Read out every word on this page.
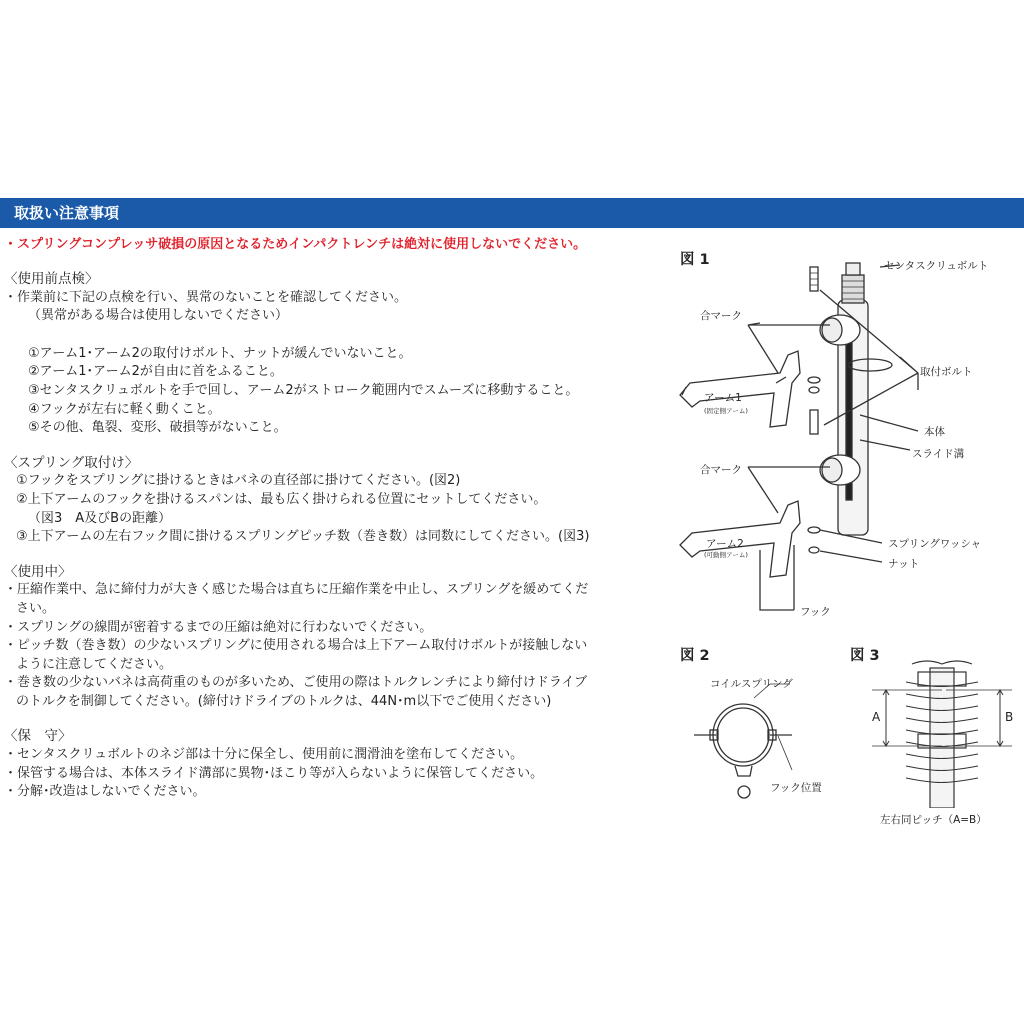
取扱い注意事項
・スプリングコンプレッサ破損の原因となるためインパクトレンチは絶対に使用しないでください。

〈使用前点検〉

・作業前に下記の点検を行い、異常のないことを確認してください。

（異常がある場合は使用しないでください）

①アーム1･アーム2の取付けボルト、ナットが緩んでいないこと。

②アーム1･アーム2が自由に首をふること。

③センタスクリュボルトを手で回し、アーム2がストローク範囲内でスムーズに移動すること。

④フックが左右に軽く動くこと。

⑤その他、亀裂、変形、破損等がないこと。

〈スプリング取付け〉

①フックをスプリングに掛けるときはバネの直径部に掛けてください。(図2)

②上下アームのフックを掛けるスパンは、最も広く掛けられる位置にセットしてください。

（図3　A及びBの距離）

③上下アームの左右フック間に掛けるスプリングピッチ数（巻き数）は同数にしてください。(図3)

〈使用中〉

・圧縮作業中、急に締付力が大きく感じた場合は直ちに圧縮作業を中止し、スプリングを緩めてくだ

さい。

・スプリングの線間が密着するまでの圧縮は絶対に行わないでください。

・ピッチ数（巻き数）の少ないスプリングに使用される場合は上下アーム取付けボルトが接触しない

ように注意してください。

・巻き数の少ないバネは高荷重のものが多いため、ご使用の際はトルクレンチにより締付けドライブ

のトルクを制御してください。(締付けドライブのトルクは、44N･m以下でご使用ください)

〈保　守〉

・センタスクリュボルトのネジ部は十分に保全し、使用前に潤滑油を塗布してください。

・保管する場合は、本体スライド溝部に異物･ほこり等が入らないように保管してください。

・分解･改造はしないでください。

図 1	センタスクリュボルト
合マーク
取付ボルト
アーム1
(固定側アーム)
本体
スライド溝
合マーク
アーム2
(可動側アーム)
スプリングワッシャ
ナット
フック
図 2
コイルスプリング
フック位置
図 3
A	B
左右同ピッチ（A=B）
